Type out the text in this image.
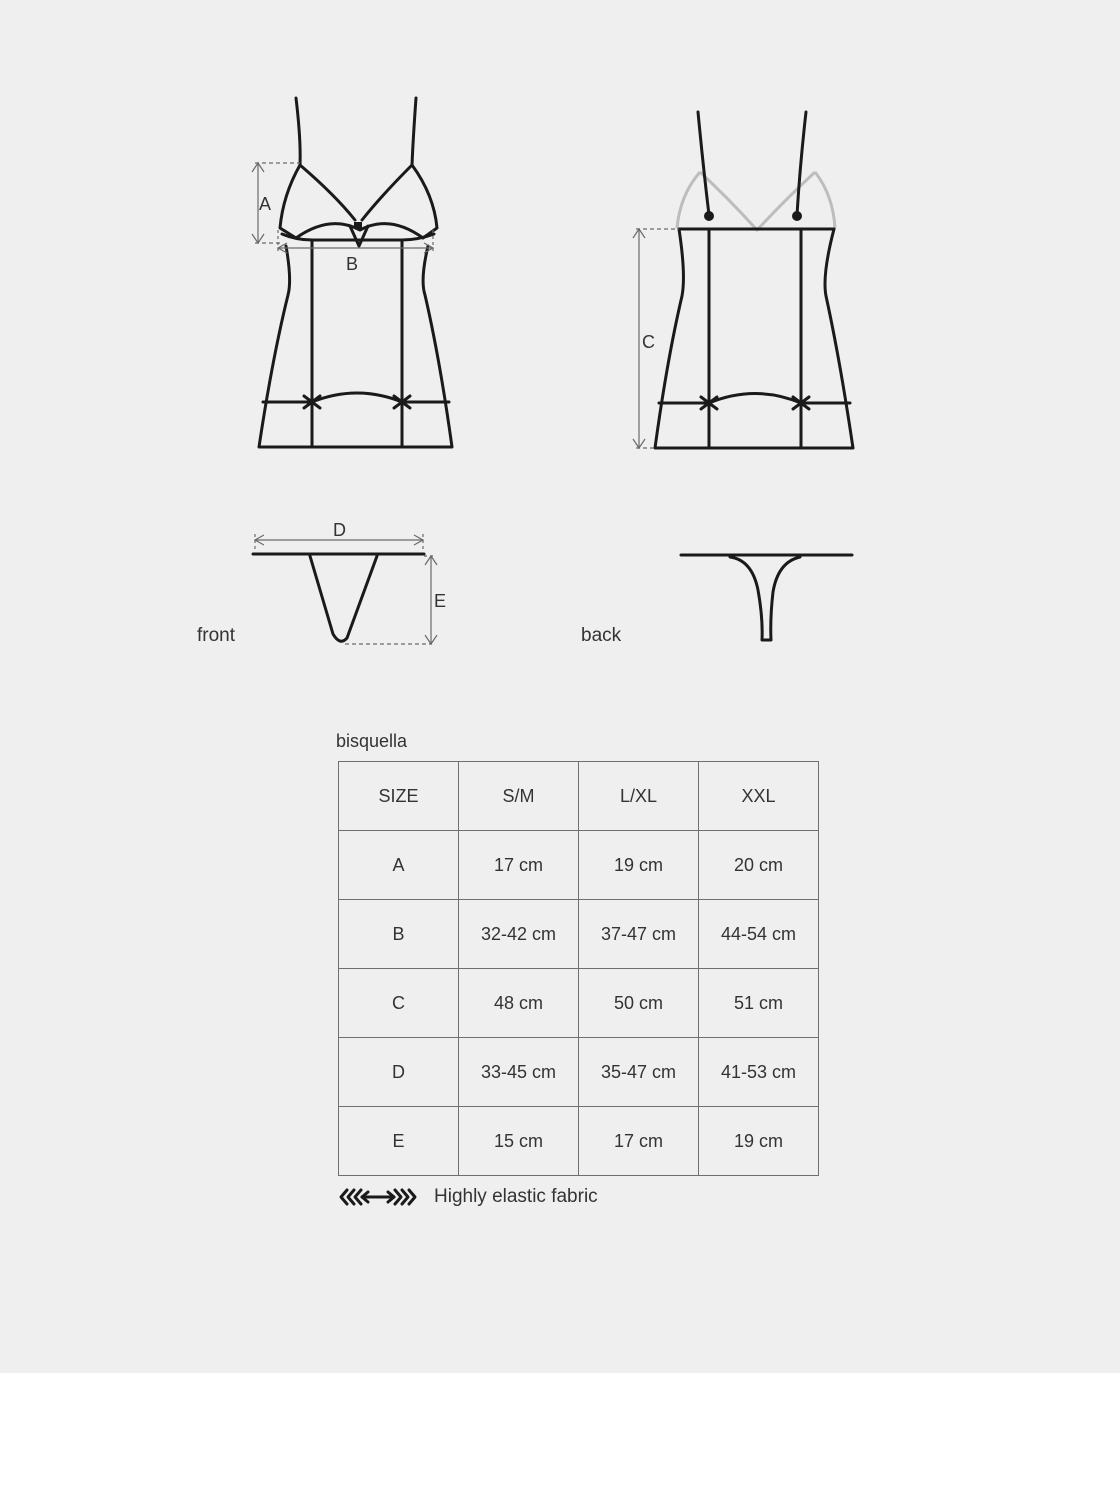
A
B
C
D
E
front	back
bisquella
SIZE	S/M	L/XL	XXL
A	17 cm	19 cm	20 cm
B	32-42 cm	37-47 cm	44-54 cm
C	48 cm	50 cm	51 cm
D	33-45 cm	35-47 cm	41-53 cm
E	15 cm	17 cm	19 cm
Highly elastic fabric
